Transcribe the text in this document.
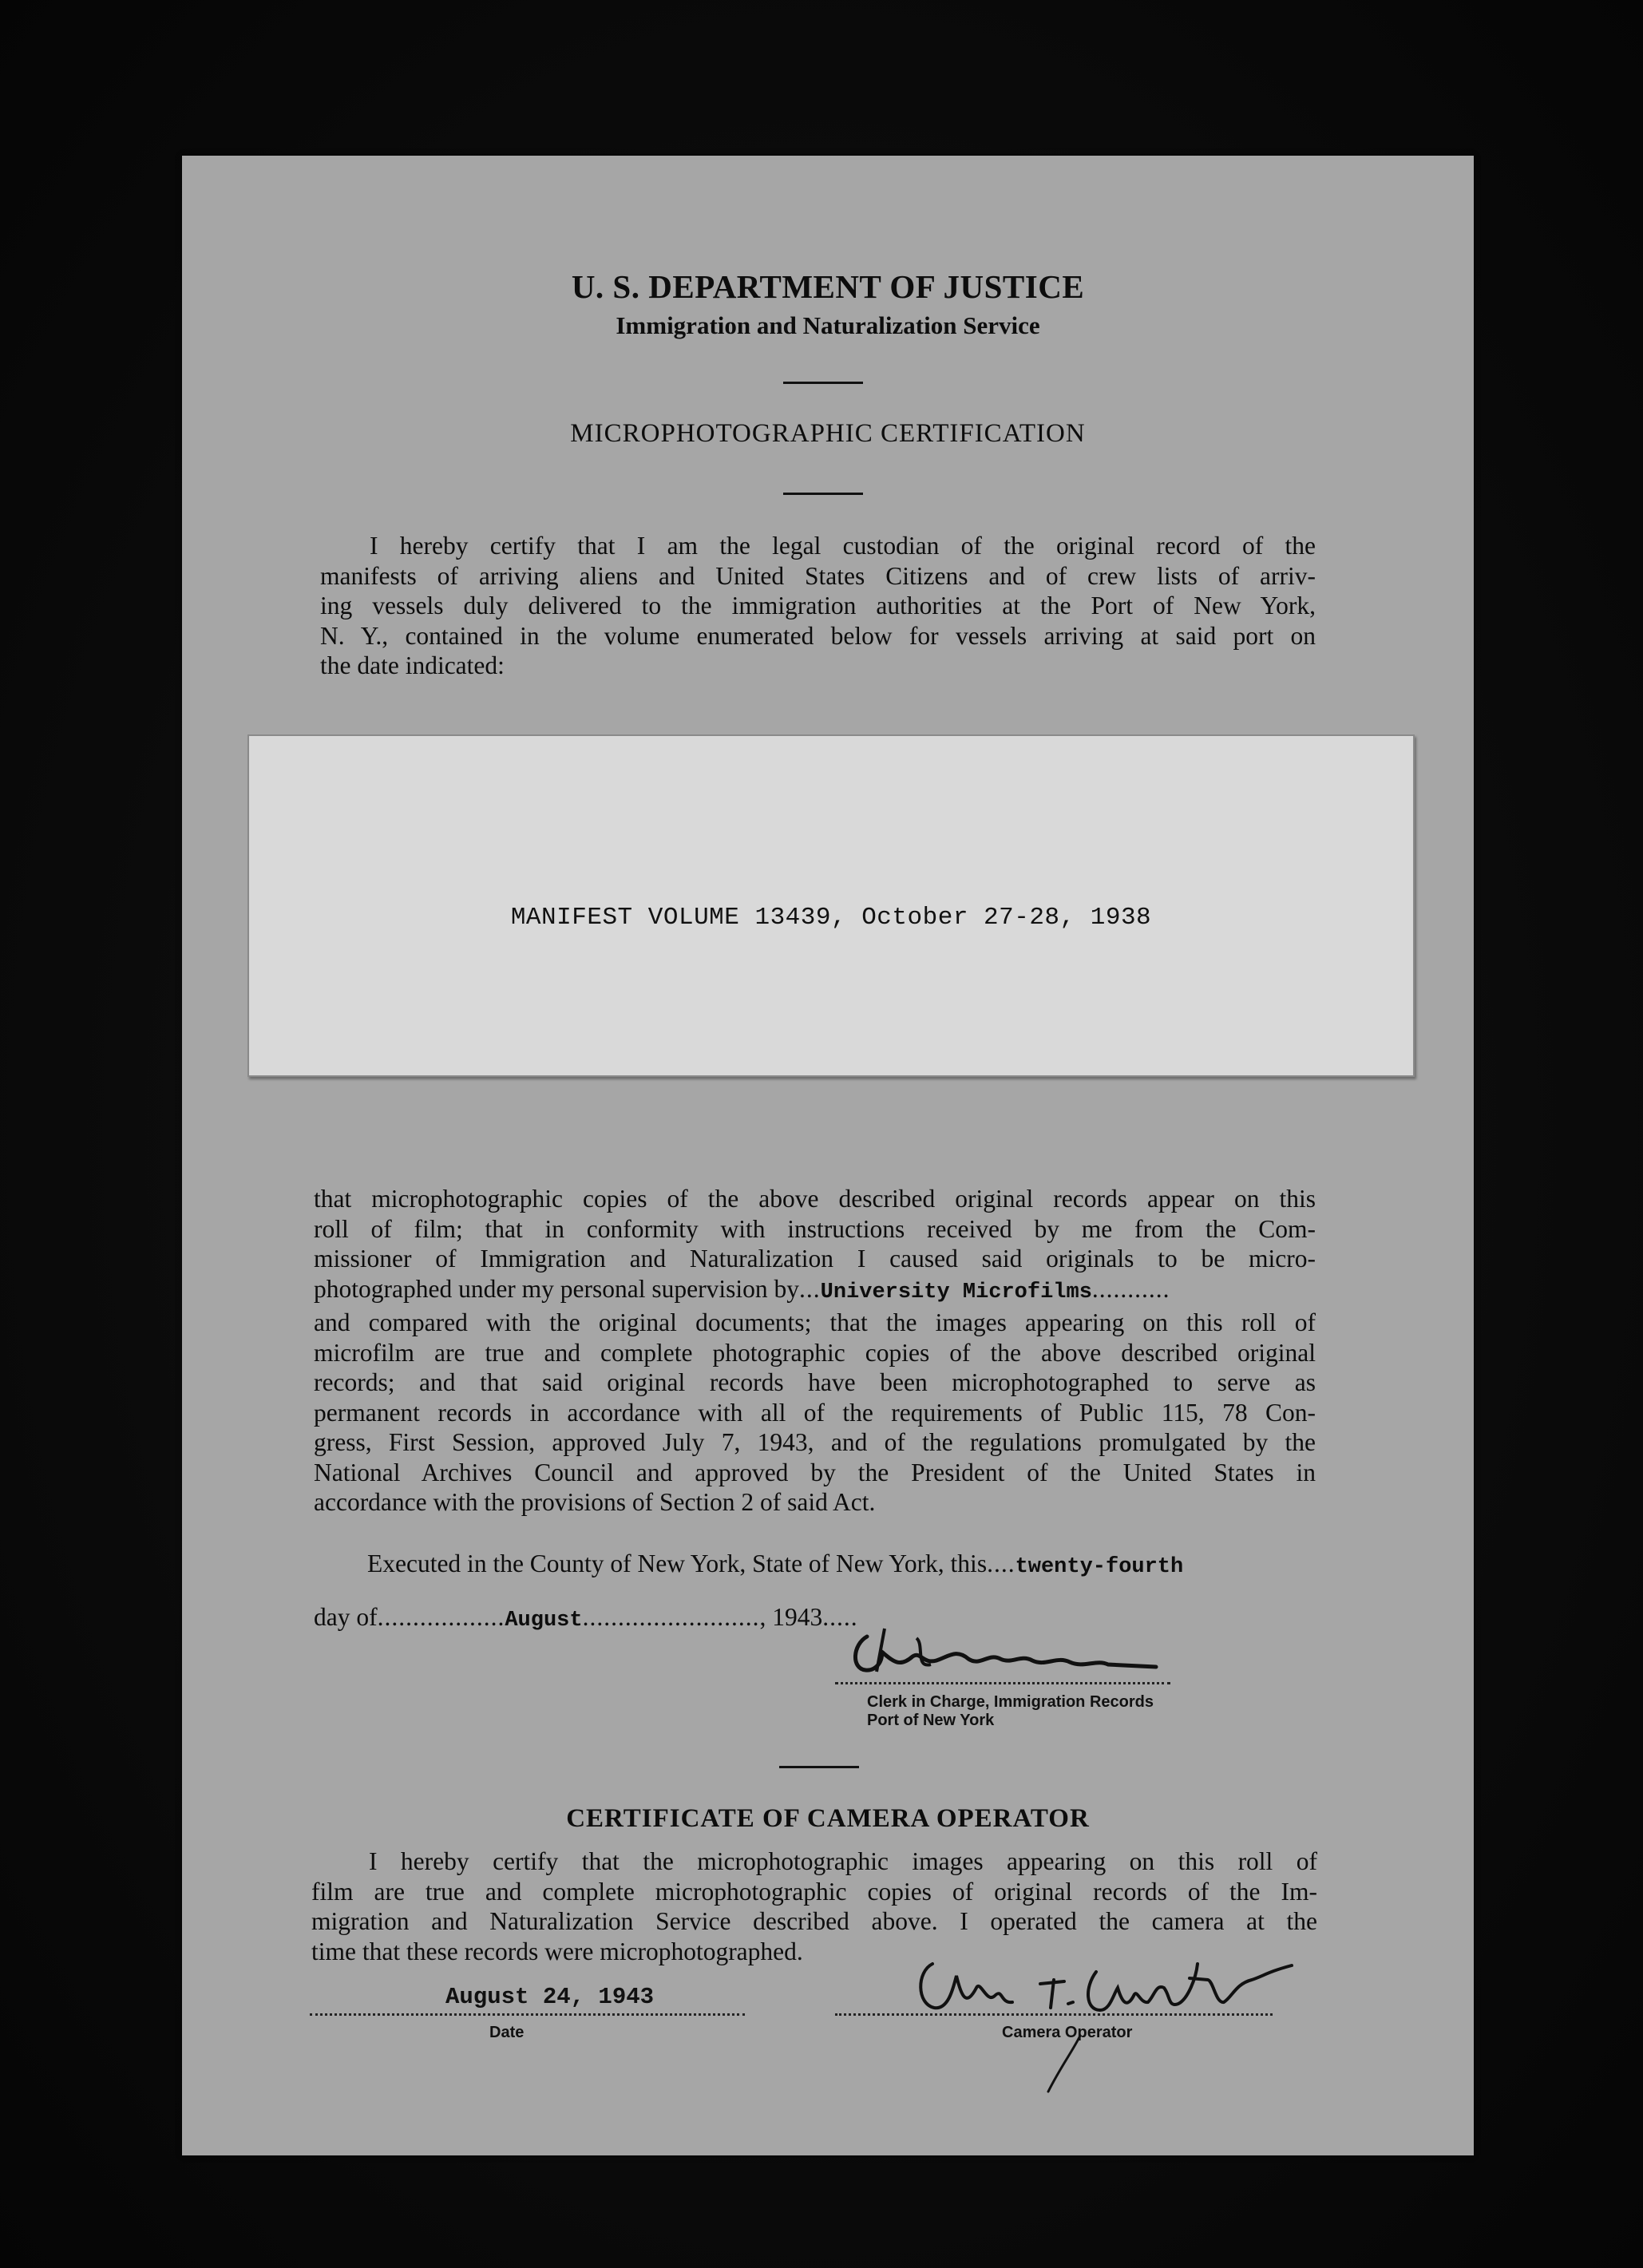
U. S. DEPARTMENT OF JUSTICE
Immigration and Naturalization Service
MICROPHOTOGRAPHIC CERTIFICATION
I hereby certify that I am the legal custodian of the original record of the
manifests of arriving aliens and United States Citizens and of crew lists of arriv-
ing vessels duly delivered to the immigration authorities at the Port of New York,
N. Y., contained in the volume enumerated below for vessels arriving at said port on
the date indicated:
MANIFEST VOLUME 13439, October 27-28, 1938
that microphotographic copies of the above described original records appear on this
roll of film; that in conformity with instructions received by me from the Com-
missioner of Immigration and Naturalization I caused said originals to be micro-
photographed under my personal supervision by...University Microfilms...........
and compared with the original documents; that the images appearing on this roll of
microfilm are true and complete photographic copies of the above described original
records; and that said original records have been microphotographed to serve as
permanent records in accordance with all of the requirements of Public 115, 78 Con-
gress, First Session, approved July 7, 1943, and of the regulations promulgated by the
National Archives Council and approved by the President of the United States in
accordance with the provisions of Section 2 of said Act.
Executed in the County of New York, State of New York, this....twenty-fourth
day of..................August........................., 1943.....
Clerk in Charge, Immigration Records
Port of New York
CERTIFICATE OF CAMERA OPERATOR
I hereby certify that the microphotographic images appearing on this roll of
film are true and complete microphotographic copies of original records of the Im-
migration and Naturalization Service described above. I operated the camera at the
time that these records were microphotographed.
August 24, 1943
Date	Camera Operator
